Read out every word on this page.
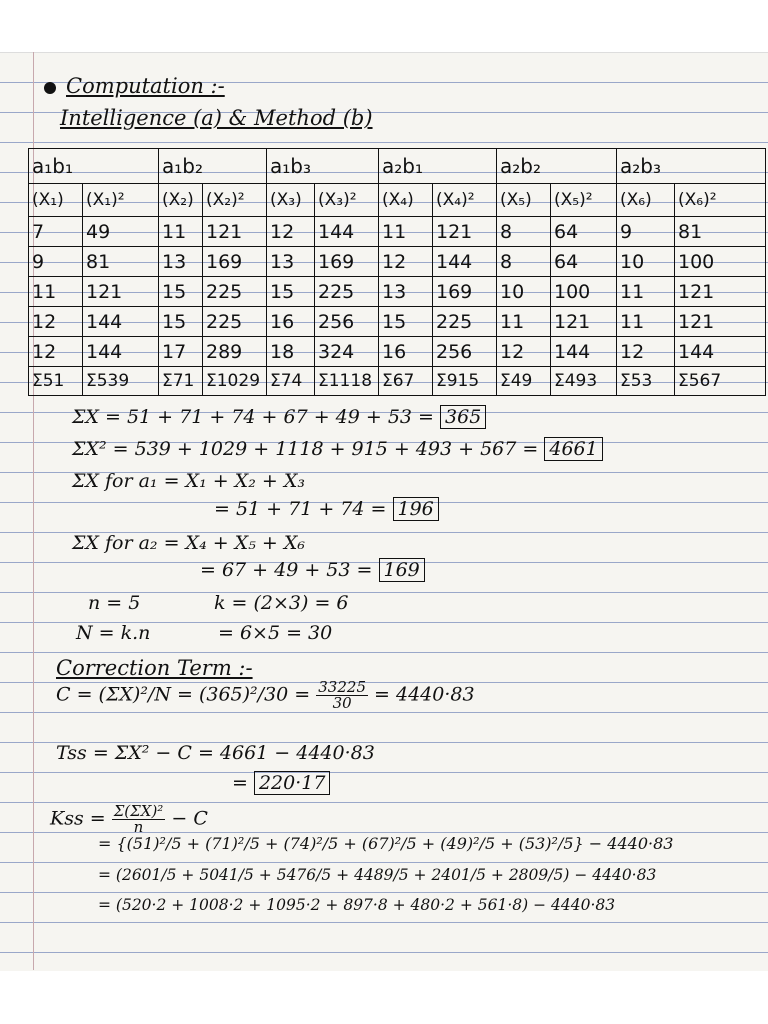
Computation :-
Intelligence (a) & Method (b)
a₁b₁		a₁b₂		a₁b₃		a₂b₁		a₂b₂		a₂b₃	
(X₁)	(X₁)²	(X₂)	(X₂)²	(X₃)	(X₃)²	(X₄)	(X₄)²	(X₅)	(X₅)²	(X₆)	(X₆)²
7	49	11	121	12	144	11	121	8	64	9	81
9	81	13	169	13	169	12	144	8	64	10	100
11	121	15	225	15	225	13	169	10	100	11	121
12	144	15	225	16	256	15	225	11	121	11	121
12	144	17	289	18	324	16	256	12	144	12	144
Σ51	Σ539	Σ71	Σ1029	Σ74	Σ1118	Σ67	Σ915	Σ49	Σ493	Σ53	Σ567
ΣX = 51 + 71 + 74 + 67 + 49 + 53 = 365
ΣX² = 539 + 1029 + 1118 + 915 + 493 + 567 = 4661
ΣX for a₁ = X₁ + X₂ + X₃
= 51 + 71 + 74 = 196
ΣX for a₂ = X₄ + X₅ + X₆
= 67 + 49 + 53 = 169
n = 5	k = (2×3) = 6
N = k.n	= 6×5 = 30
Correction Term :-
$C = (\Sigma X)^2/N = (365)^2/30 = \frac{33225}{30} = 4440\cdot 83$
Tss = ΣX² − C = 4661 − 4440·83
= 220·17
Kss = $\frac{\text{Σ(ΣX)²}}{n} - C$
= {(51)²/5 + (71)²/5 + (74)²/5 + (67)²/5 + (49)²/5 + (53)²/5} − 4440·83
= (2601/5 + 5041/5 + 5476/5 + 4489/5 + 2401/5 + 2809/5) − 4440·83
= (520·2 + 1008·2 + 1095·2 + 897·8 + 480·2 + 561·8) − 4440·83
